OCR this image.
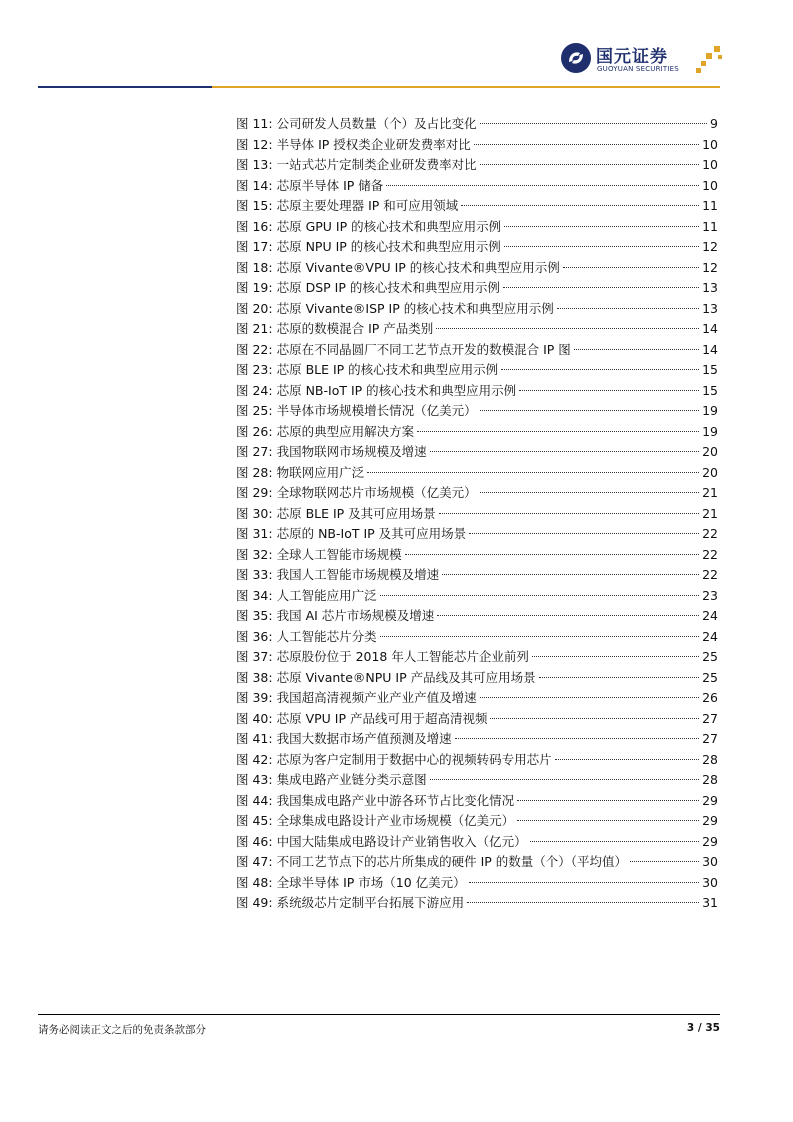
国元证券
GUOYUAN SECURITIES
图 11: 公司研发人员数量（个）及占比变化	9
图 12: 半导体 IP 授权类企业研发费率对比	10
图 13: 一站式芯片定制类企业研发费率对比	10
图 14: 芯原半导体 IP 储备	10
图 15: 芯原主要处理器 IP 和可应用领域	11
图 16: 芯原 GPU IP 的核心技术和典型应用示例	11
图 17: 芯原 NPU IP 的核心技术和典型应用示例	12
图 18: 芯原 Vivante®VPU IP 的核心技术和典型应用示例	12
图 19: 芯原 DSP IP 的核心技术和典型应用示例	13
图 20: 芯原 Vivante®ISP IP 的核心技术和典型应用示例	13
图 21: 芯原的数模混合 IP 产品类别	14
图 22: 芯原在不同晶圆厂不同工艺节点开发的数模混合 IP 图	14
图 23: 芯原 BLE IP 的核心技术和典型应用示例	15
图 24: 芯原 NB-IoT IP 的核心技术和典型应用示例	15
图 25: 半导体市场规模增长情况（亿美元）	19
图 26: 芯原的典型应用解决方案	19
图 27: 我国物联网市场规模及增速	20
图 28: 物联网应用广泛	20
图 29: 全球物联网芯片市场规模（亿美元）	21
图 30: 芯原 BLE IP 及其可应用场景	21
图 31: 芯原的 NB-IoT IP 及其可应用场景	22
图 32: 全球人工智能市场规模	22
图 33: 我国人工智能市场规模及增速	22
图 34: 人工智能应用广泛	23
图 35: 我国 AI 芯片市场规模及增速	24
图 36: 人工智能芯片分类	24
图 37: 芯原股份位于 2018 年人工智能芯片企业前列	25
图 38: 芯原 Vivante®NPU IP 产品线及其可应用场景	25
图 39: 我国超高清视频产业产业产值及增速	26
图 40: 芯原 VPU IP 产品线可用于超高清视频	27
图 41: 我国大数据市场产值预测及增速	27
图 42: 芯原为客户定制用于数据中心的视频转码专用芯片	28
图 43: 集成电路产业链分类示意图	28
图 44: 我国集成电路产业中游各环节占比变化情况	29
图 45: 全球集成电路设计产业市场规模（亿美元）	29
图 46: 中国大陆集成电路设计产业销售收入（亿元）	29
图 47: 不同工艺节点下的芯片所集成的硬件 IP 的数量（个）（平均值）	30
图 48: 全球半导体 IP 市场（10 亿美元）	30
图 49: 系统级芯片定制平台拓展下游应用	31
请务必阅读正文之后的免责条款部分	3 / 35
